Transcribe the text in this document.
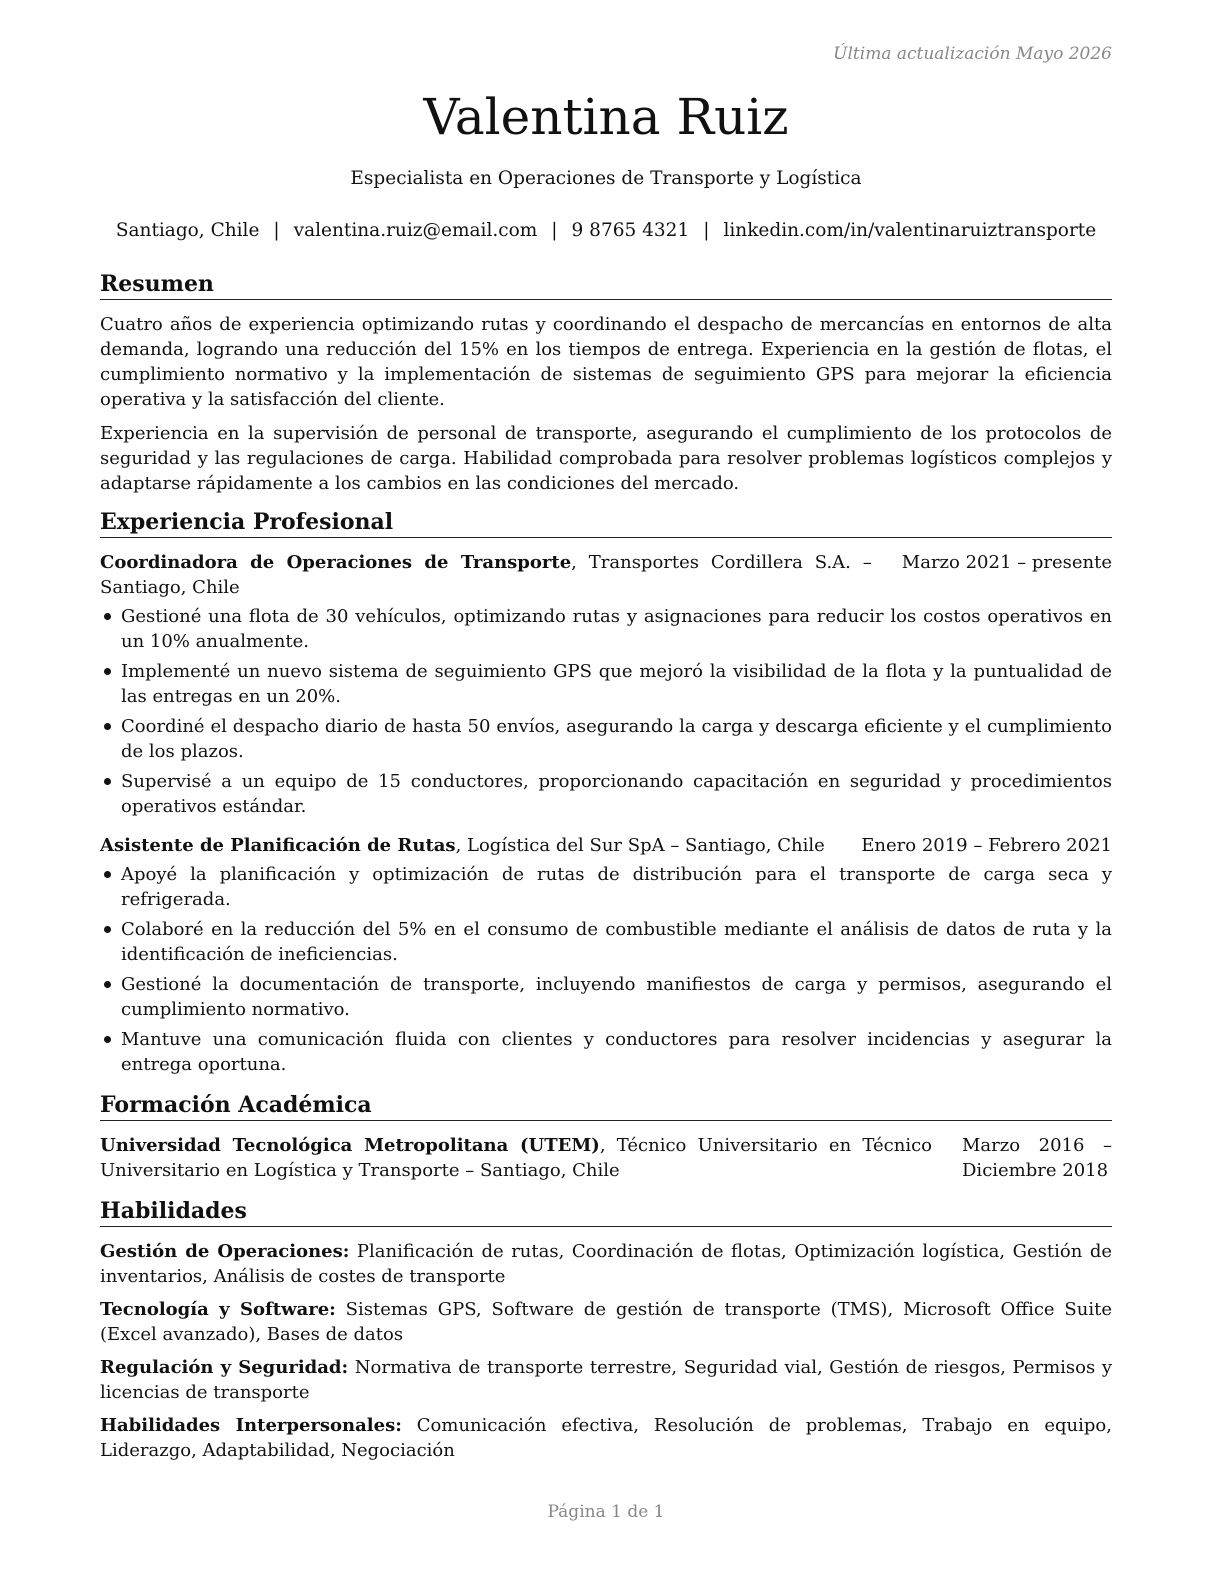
Última actualización Mayo 2026
Valentina Ruiz
Especialista en Operaciones de Transporte y Logística
Santiago, Chile | valentina.ruiz@email.com | 9 8765 4321 | linkedin.com/in/valentinaruiztransporte
Resumen

Cuatro años de experiencia optimizando rutas y coordinando el despacho de mercancías en entornos de alta demanda, logrando una reducción del 15% en los tiempos de entrega. Experiencia en la gestión de flotas, el cumplimiento normativo y la implementación de sistemas de seguimiento GPS para mejorar la eficiencia operativa y la satisfacción del cliente.

Experiencia en la supervisión de personal de transporte, asegurando el cumplimiento de los protocolos de seguridad y las regulaciones de carga. Habilidad comprobada para resolver problemas logísticos complejos y adaptarse rápidamente a los cambios en las condiciones del mercado.

Experiencia Profesional
Coordinadora de Operaciones de Transporte, Transportes Cordillera S.A. – Santiago, Chile
Marzo 2021 – presente
Gestioné una flota de 30 vehículos, optimizando rutas y asignaciones para reducir los costos operativos en un 10% anualmente.
Implementé un nuevo sistema de seguimiento GPS que mejoró la visibilidad de la flota y la puntualidad de las entregas en un 20%.
Coordiné el despacho diario de hasta 50 envíos, asegurando la carga y descarga eficiente y el cumplimiento de los plazos.
Supervisé a un equipo de 15 conductores, proporcionando capacitación en seguridad y procedimientos operativos estándar.
Asistente de Planificación de Rutas, Logística del Sur SpA – Santiago, Chile	Enero 2019 – Febrero 2021
Apoyé la planificación y optimización de rutas de distribución para el transporte de carga seca y refrigerada.
Colaboré en la reducción del 5% en el consumo de combustible mediante el análisis de datos de ruta y la identificación de ineficiencias.
Gestioné la documentación de transporte, incluyendo manifiestos de carga y permisos, asegurando el cumplimiento normativo.
Mantuve una comunicación fluida con clientes y conductores para resolver incidencias y asegurar la entrega oportuna.
Formación Académica
Universidad Tecnológica Metropolitana (UTEM), Técnico Universitario en Técnico Universitario en Logística y Transporte – Santiago, Chile
Marzo 2016 – Diciembre 2018
Habilidades

Gestión de Operaciones: Planificación de rutas, Coordinación de flotas, Optimización logística, Gestión de inventarios, Análisis de costes de transporte

Tecnología y Software: Sistemas GPS, Software de gestión de transporte (TMS), Microsoft Office Suite (Excel avanzado), Bases de datos

Regulación y Seguridad: Normativa de transporte terrestre, Seguridad vial, Gestión de riesgos, Permisos y licencias de transporte

Habilidades Interpersonales: Comunicación efectiva, Resolución de problemas, Trabajo en equipo, Liderazgo, Adaptabilidad, Negociación

Página 1 de 1
